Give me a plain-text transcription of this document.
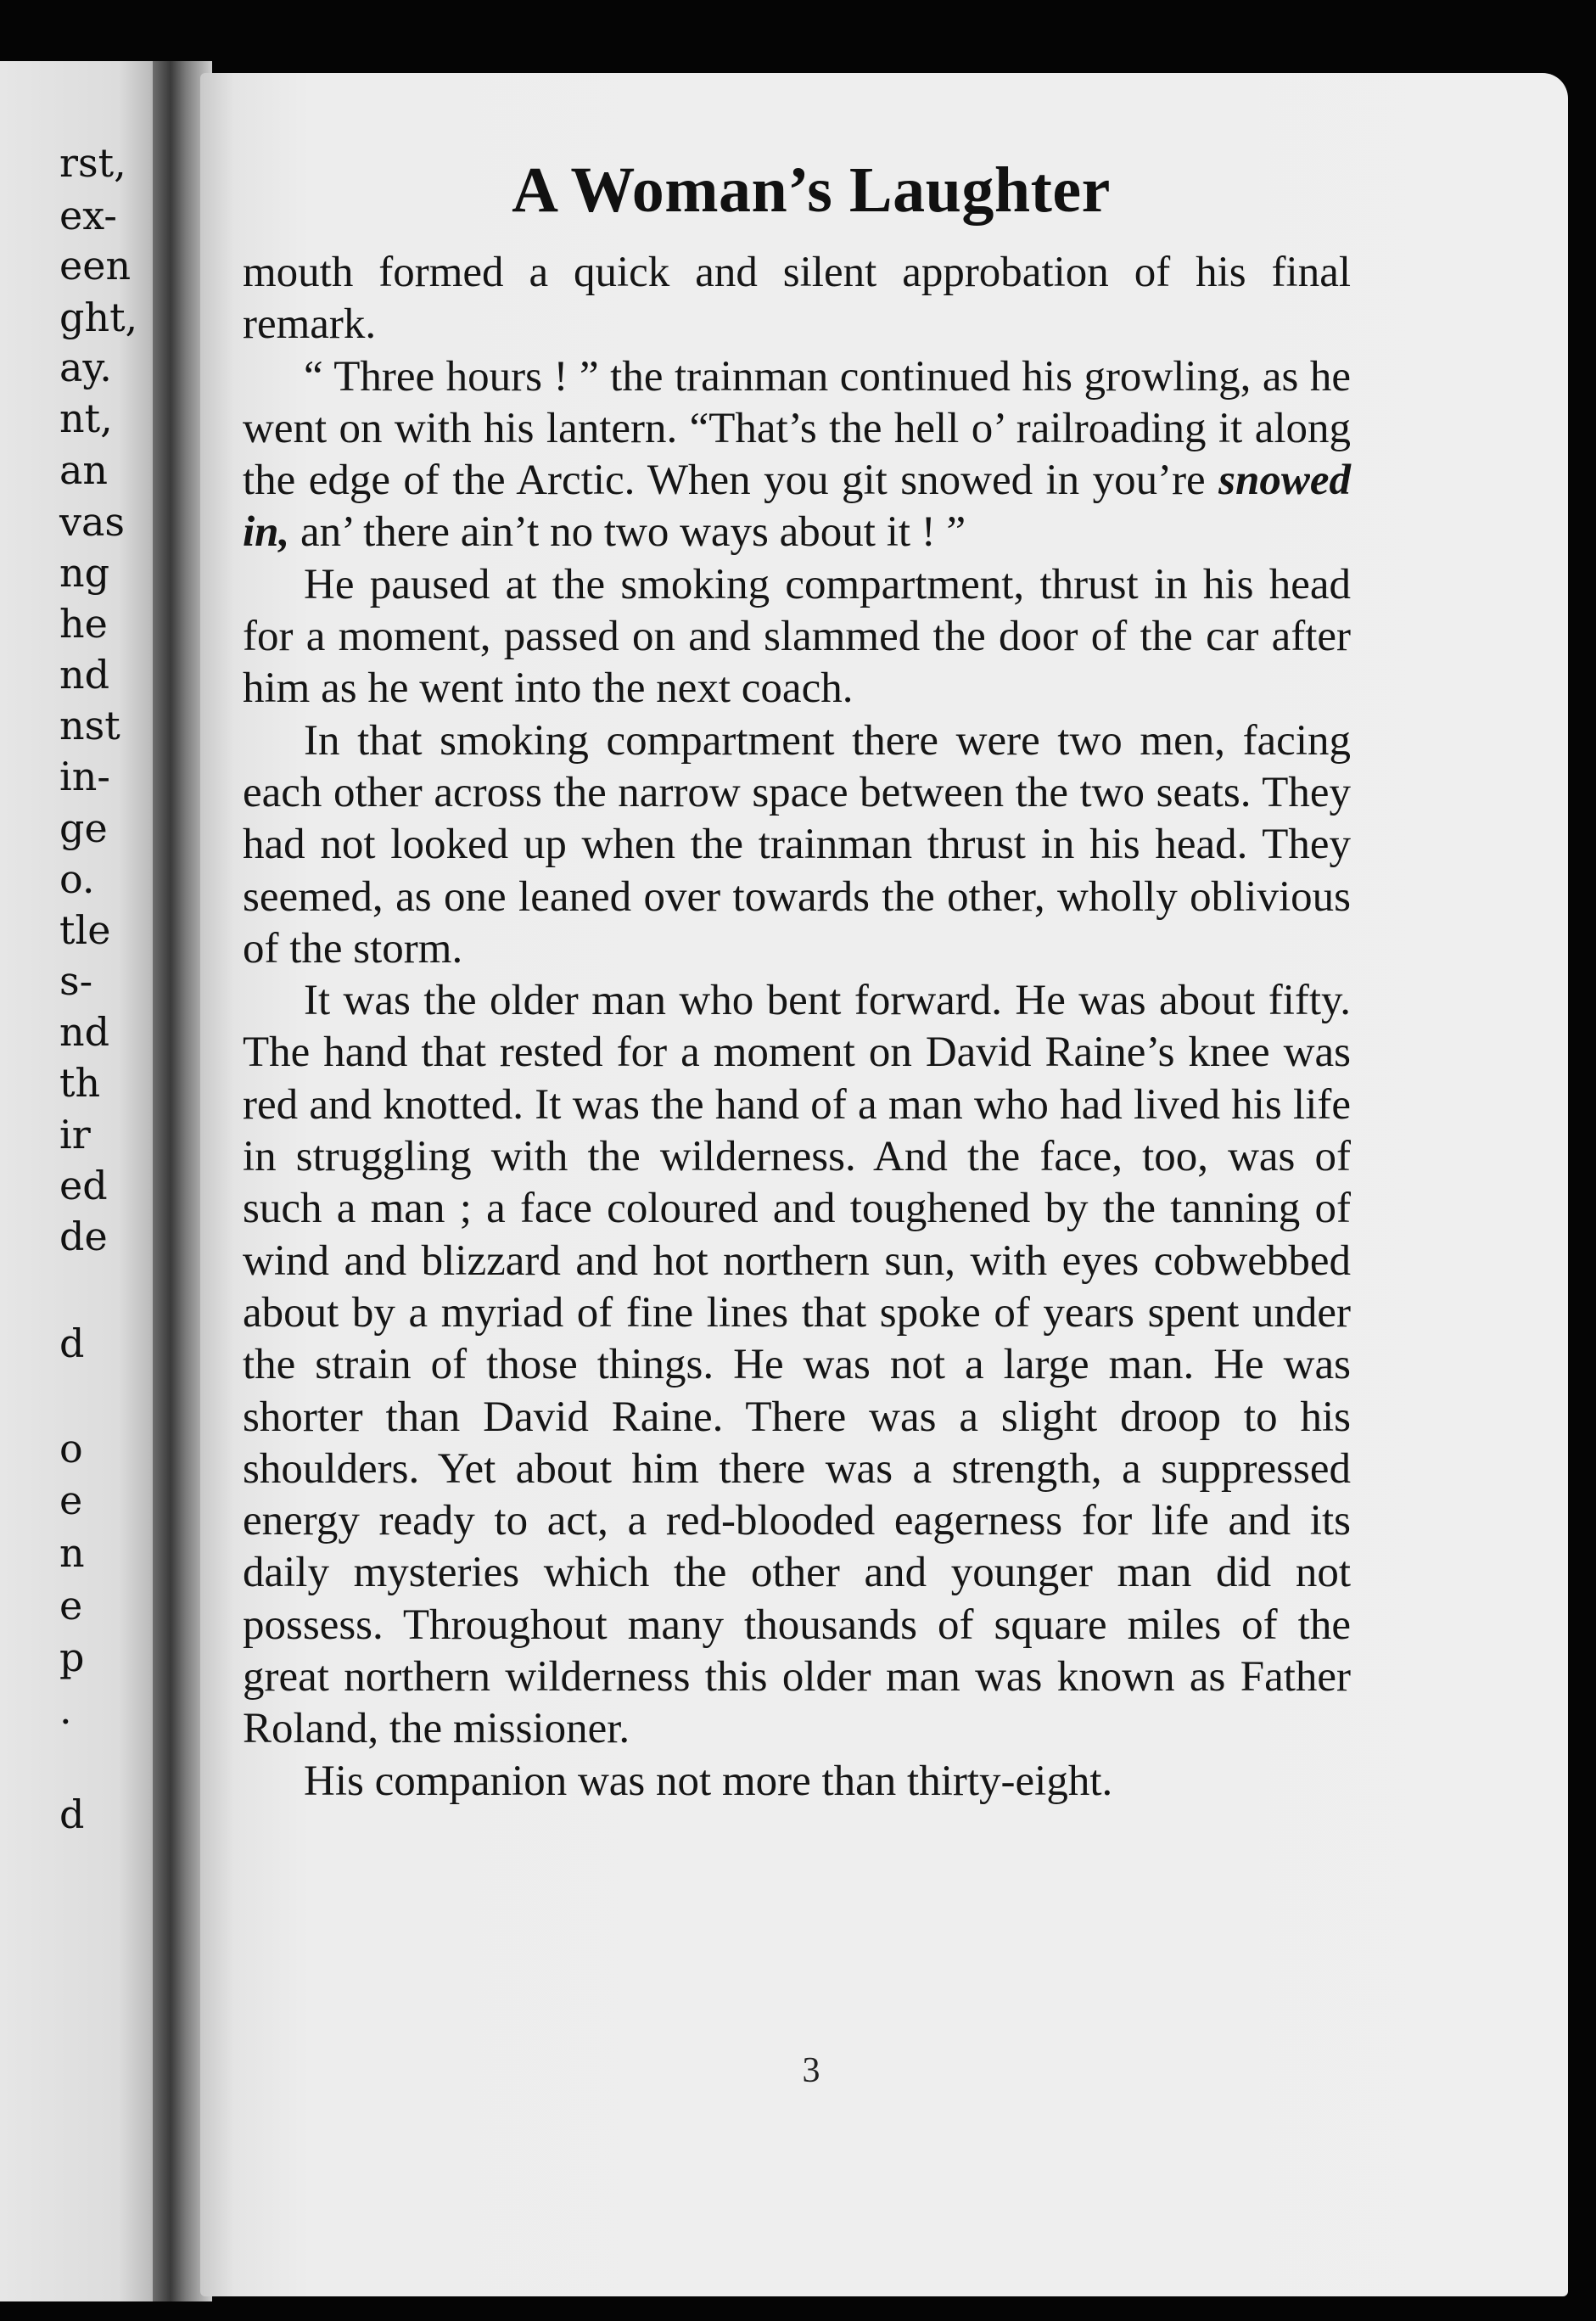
rst,
ex-
een
ght,
ay.
nt,
an
vas
ng
he
nd
nst
in-
ge
o.
tle
s-
nd
th
ir
ed
de
d
o
e
n
e
p
.
d
A Woman’s Laughter

mouth formed a quick and silent approbation of his final remark.

“ Three hours ! ” the trainman continued his growling, as he went on with his lantern. “That’s the hell o’ railroading it along the edge of the Arctic. When you git snowed in you’re snowed in, an’ there ain’t no two ways about it ! ”

He paused at the smoking compartment, thrust in his head for a moment, passed on and slammed the door of the car after him as he went into the next coach.

In that smoking compartment there were two men, facing each other across the narrow space between the two seats. They had not looked up when the trainman thrust in his head. They seemed, as one leaned over towards the other, wholly oblivious of the storm.

It was the older man who bent forward. He was about fifty. The hand that rested for a moment on David Raine’s knee was red and knotted. It was the hand of a man who had lived his life in struggling with the wilderness. And the face, too, was of such a man ; a face coloured and toughened by the tanning of wind and blizzard and hot northern sun, with eyes cobwebbed about by a myriad of fine lines that spoke of years spent under the strain of those things. He was not a large man. He was shorter than David Raine. There was a slight droop to his shoulders. Yet about him there was a strength, a suppressed energy ready to act, a red-blooded eagerness for life and its daily mysteries which the other and younger man did not possess. Throughout many thousands of square miles of the great northern wilderness this older man was known as Father Roland, the missioner.

His companion was not more than thirty-eight.

3
